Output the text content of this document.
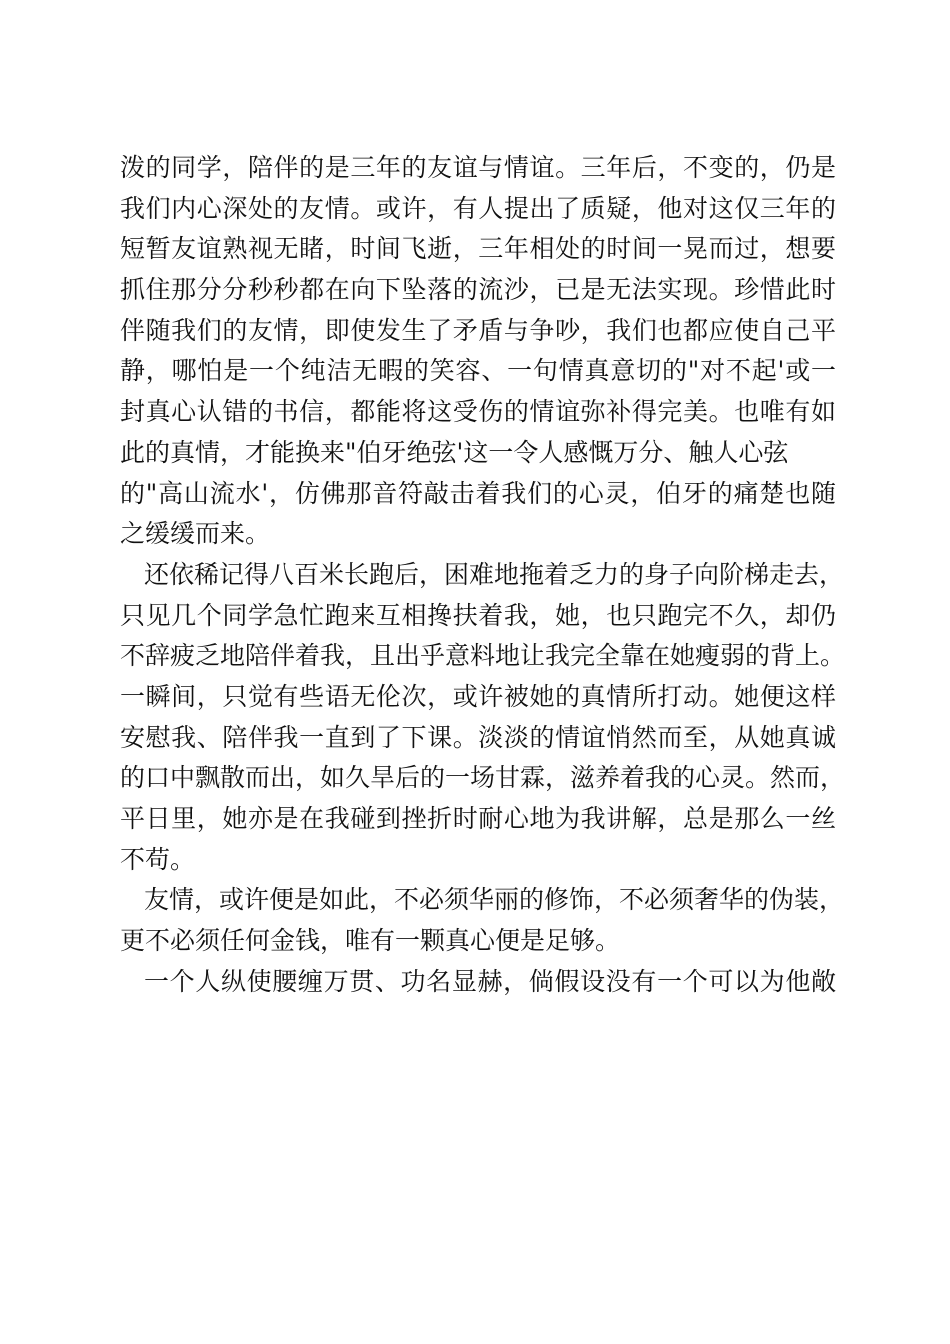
泼的同学，陪伴的是三年的友谊与情谊。三年后，不变的，仍是
我们内心深处的友情。或许，有人提出了质疑，他对这仅三年的
短暂友谊熟视无睹，时间飞逝，三年相处的时间一晃而过，想要
抓住那分分秒秒都在向下坠落的流沙，已是无法实现。珍惜此时
伴随我们的友情，即使发生了矛盾与争吵，我们也都应使自己平
静，哪怕是一个纯洁无暇的笑容、一句情真意切的"对不起'或一
封真心认错的书信，都能将这受伤的情谊弥补得完美。也唯有如
此的真情，才能换来"伯牙绝弦'这一令人感慨万分、触人心弦
的"高山流水'，仿佛那音符敲击着我们的心灵，伯牙的痛楚也随
之缓缓而来。
还依稀记得八百米长跑后，困难地拖着乏力的身子向阶梯走去，
只见几个同学急忙跑来互相搀扶着我，她，也只跑完不久，却仍
不辞疲乏地陪伴着我，且出乎意料地让我完全靠在她瘦弱的背上。
一瞬间，只觉有些语无伦次，或许被她的真情所打动。她便这样
安慰我、陪伴我一直到了下课。淡淡的情谊悄然而至，从她真诚
的口中飘散而出，如久旱后的一场甘霖，滋养着我的心灵。然而，
平日里，她亦是在我碰到挫折时耐心地为我讲解，总是那么一丝
不苟。
友情，或许便是如此，不必须华丽的修饰，不必须奢华的伪装，
更不必须任何金钱，唯有一颗真心便是足够。
一个人纵使腰缠万贯、功名显赫，倘假设没有一个可以为他敞
